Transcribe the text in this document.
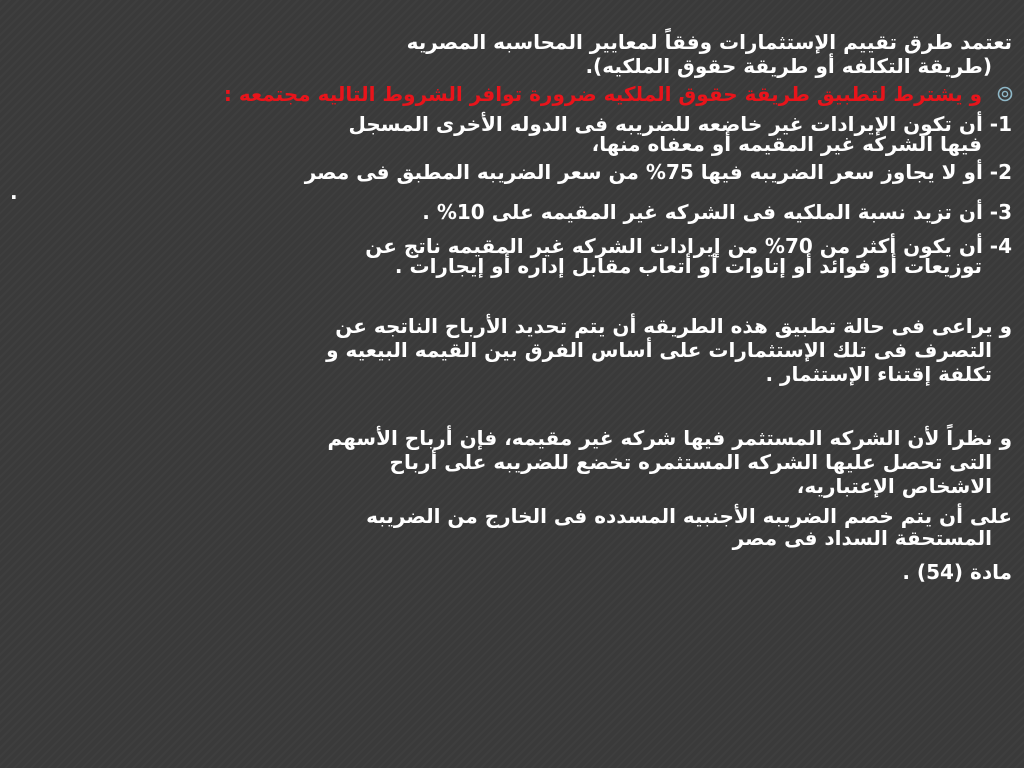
تعتمد طرق تقييم الإستثمارات وفقاً لمعايير المحاسبه المصريه
(طريقة التكلفه أو طريقة حقوق الملكيه).

و يشترط لتطبيق طريقة حقوق الملكيه ضرورة توافر الشروط التاليه مجتمعه :

1- أن تكون الإيرادات غير خاضعه للضريبه فى الدوله الأخرى المسجل
فيها الشركه غير المقيمه أو معفاه منها،

2- أو لا يجاوز سعر الضريبه فيها 75% من سعر الضريبه المطبق فى مصر
.

3- أن تزيد نسبة الملكيه فى الشركه غير المقيمه على 10% .

4- أن يكون أكثر من 70% من إيرادات الشركه غير المقيمه ناتج عن
توزيعات أو فوائد أو إتاوات أو أتعاب مقابل إداره أو إيجارات .

و يراعى فى حالة تطبيق هذه الطريقه أن يتم تحديد الأرباح الناتجه عن
التصرف فى تلك الإستثمارات على أساس الفرق بين القيمه البيعيه و
تكلفة إقتناء الإستثمار .

و نظراً لأن الشركه المستثمر فيها شركه غير مقيمه، فإن أرباح الأسهم
التى تحصل عليها الشركه المستثمره تخضع للضريبه على أرباح
الاشخاص الإعتباريه،

على أن يتم خصم الضريبه الأجنبيه المسدده فى الخارج من الضريبه
المستحقة السداد فى مصر

مادة (54) .
